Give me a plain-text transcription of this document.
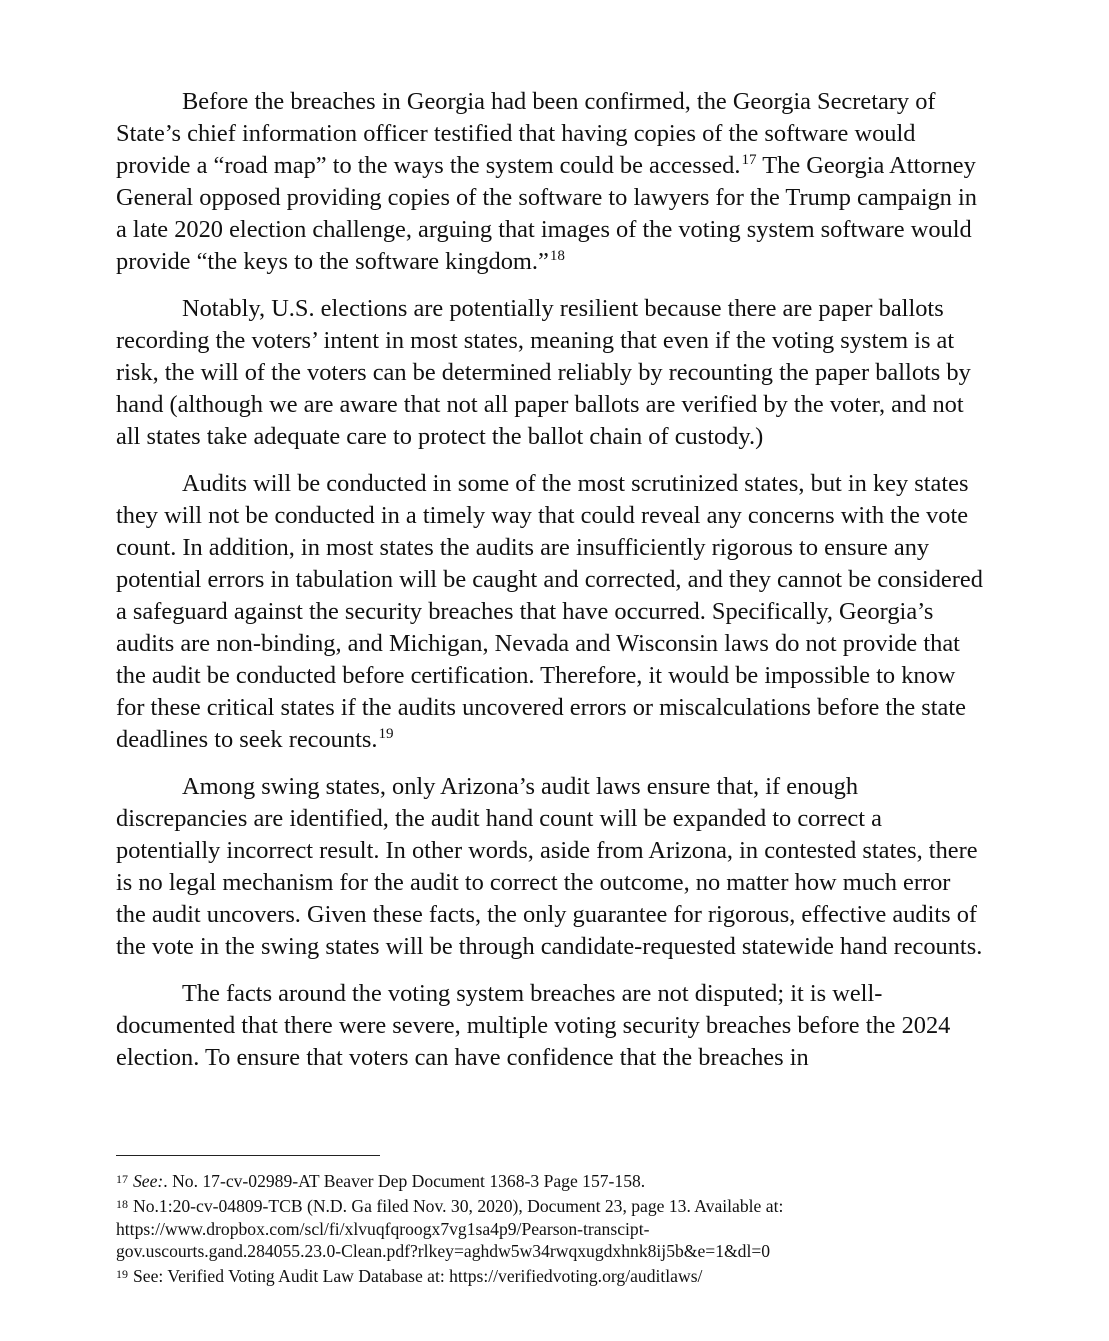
Before the breaches in Georgia had been confirmed, the Georgia Secretary of State’s chief information officer testified that having copies of the software would provide a “road map” to the ways the system could be accessed.$^{17}$ The Georgia Attorney General opposed providing copies of the software to lawyers for the Trump campaign in a late 2020 election challenge, arguing that images of the voting system software would provide “the keys to the software kingdom.”$^{18}$

Notably, U.S. elections are potentially resilient because there are paper ballots recording the voters’ intent in most states, meaning that even if the voting system is at risk, the will of the voters can be determined reliably by recounting the paper ballots by hand (although we are aware that not all paper ballots are verified by the voter, and not all states take adequate care to protect the ballot chain of custody.)

Audits will be conducted in some of the most scrutinized states, but in key states they will not be conducted in a timely way that could reveal any concerns with the vote count. In addition, in most states the audits are insufficiently rigorous to ensure any potential errors in tabulation will be caught and corrected, and they cannot be considered a safeguard against the security breaches that have occurred. Specifically, Georgia’s audits are non-binding, and Michigan, Nevada and Wisconsin laws do not provide that the audit be conducted before certification. Therefore, it would be impossible to know for these critical states if the audits uncovered errors or miscalculations before the state deadlines to seek recounts.$^{19}$

Among swing states, only Arizona’s audit laws ensure that, if enough discrepancies are identified, the audit hand count will be expanded to correct a potentially incorrect result. In other words, aside from Arizona, in contested states, there is no legal mechanism for the audit to correct the outcome, no matter how much error the audit uncovers. Given these facts, the only guarantee for rigorous, effective audits of the vote in the swing states will be through candidate-requested statewide hand recounts.

The facts around the voting system breaches are not disputed; it is well-documented that there were severe, multiple voting security breaches before the 2024 election. To ensure that voters can have confidence that the breaches in

$^{17}$ See:. No. 17-cv-02989-AT Beaver Dep Document 1368-3 Page 157-158.

$^{18}$ No.1:20-cv-04809-TCB (N.D. Ga filed Nov. 30, 2020), Document 23, page 13. Available at:
https://www.dropbox.com/scl/fi/xlvuqfqroogx7vg1sa4p9/Pearson-transcipt-
gov.uscourts.gand.284055.23.0-Clean.pdf?rlkey=aghdw5w34rwqxugdxhnk8ij5b&e=1&dl=0

$^{19}$ See: Verified Voting Audit Law Database at: https://verifiedvoting.org/auditlaws/
